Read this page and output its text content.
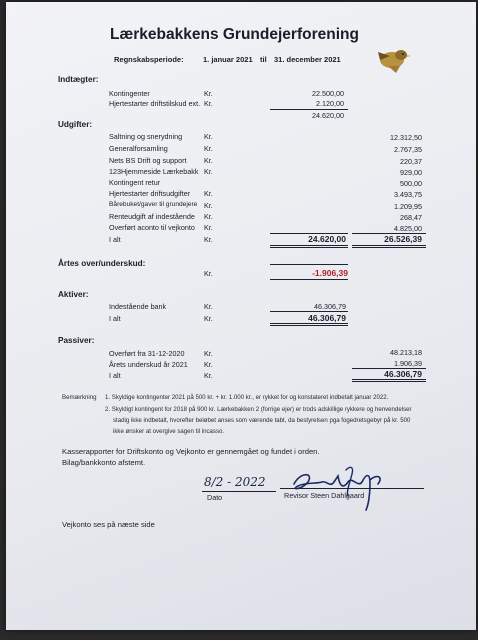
Lærkebakkens Grundejerforening
Regnskabsperiode:	1. januar 2021 til 31. december 2021
Indtægter:
Kontingenter	Kr.	22.500,00
Hjertestarter driftstilskud ext. Kr.	2.120,00
24.620,00
Udgifter:
Saltning og snerydning	Kr.	12.312,50
Generalforsamling	Kr.	2.767,35
Nets BS Drift og support Kr.	220,37
123Hjemmeside Lærkebakk Kr.	929,00
Kontingent retur	500,00
Hjertestarter driftsudgifter Kr.	3.493,75
Bårebuket/gaver til grundejere Kr.	1.209,95
Renteudgift af indestående Kr.	268,47
Overført aconto til vejkonto Kr.	4.825,00
I alt	Kr.	24.620,00	26.526,39
Årtes over/underskud:
Kr.	-1.906,39
Aktiver:
Indestående bank	Kr.	46.306,79
I alt	Kr.	46.306,79
Passiver:
Overført fra 31-12-2020	Kr.	48.213,18
Årets underskud år 2021 Kr.	1.906,39
I alt	Kr.	46.306,79
Bemærkning 1. Skyldige kontingenter 2021 på 500 kr. + kr. 1.000 kr., er rykket for og konstateret indbetalt januar 2022.
2. Skyldigt kontingent for 2018 på 900 kr. Lærkebakken 2 (forrige ejer) er trods adskillige rykkere og henvendelser
stadig ikke indbetalt, hvorefter beløbet anses som værende tabt, da bestyrelsen pga fogedretsgebyr på kr. 500
ikke ønsker at overgive sagen til incasso.
Kasserapporter for Driftskonto og Vejkonto er gennemgået og fundet i orden.
Bilag/bankkonto afstemt.
8/2 - 2022
Dato	Revisor Steen Dahlgaard
Vejkonto ses på næste side
